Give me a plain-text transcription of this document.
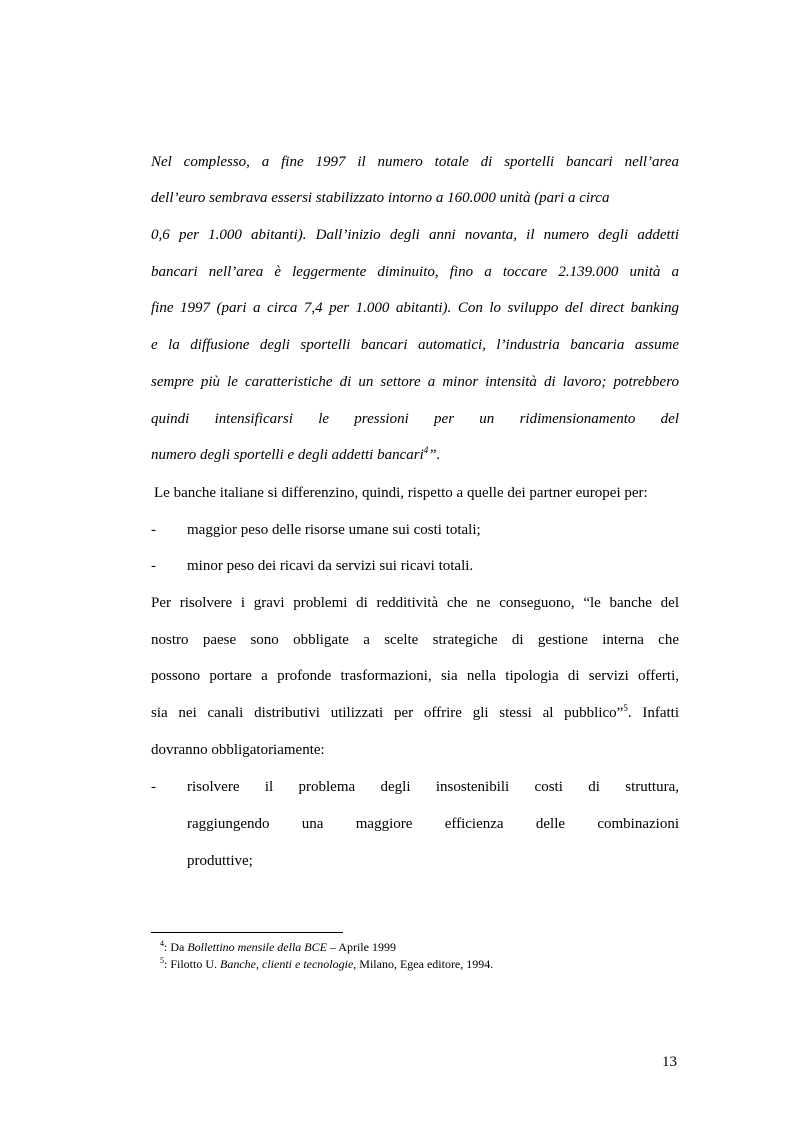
Nel complesso, a fine 1997 il numero totale di sportelli bancari nell’area
dell’euro sembrava essersi stabilizzato intorno a 160.000 unità (pari a circa
0,6 per 1.000 abitanti). Dall’inizio degli anni novanta, il numero degli addetti
bancari nell’area è leggermente diminuito, fino a toccare 2.139.000 unità a
fine 1997 (pari a circa 7,4 per 1.000 abitanti). Con lo sviluppo del direct banking
e la diffusione degli sportelli bancari automatici, l’industria bancaria assume
sempre più le caratteristiche di un settore a minor intensità di lavoro; potrebbero
quindi intensificarsi le pressioni per un ridimensionamento del
numero degli sportelli e degli addetti bancari$^4$”.
Le banche italiane si differenzino, quindi, rispetto a quelle dei partner europei per:
- maggior peso delle risorse umane sui costi totali;
- minor peso dei ricavi da servizi sui ricavi totali.
Per risolvere i gravi problemi di redditività che ne conseguono, “le banche del
nostro paese sono obbligate a scelte strategiche di gestione interna che
possono portare a profonde trasformazioni, sia nella tipologia di servizi offerti,
sia nei canali distributivi utilizzati per offrire gli stessi al pubblico”$^5$. Infatti
dovranno obbligatoriamente:
- risolvere il problema degli insostenibili costi di struttura,
raggiungendo una maggiore efficienza delle combinazioni
produttive;
$^4$: Da Bollettino mensile della BCE – Aprile 1999
$^5$: Filotto U. Banche, clienti e tecnologie, Milano, Egea editore, 1994.
13
